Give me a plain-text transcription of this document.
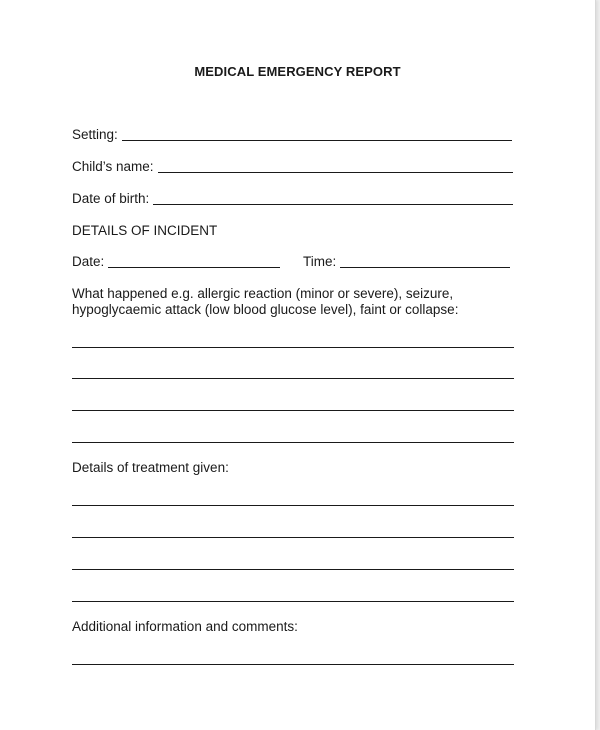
MEDICAL EMERGENCY REPORT
Setting:
Child’s name:
Date of birth:
DETAILS OF INCIDENT
Date:	Time:
What happened e.g. allergic reaction (minor or severe), seizure,
hypoglycaemic attack (low blood glucose level), faint or collapse:
Details of treatment given:
Additional information and comments:
